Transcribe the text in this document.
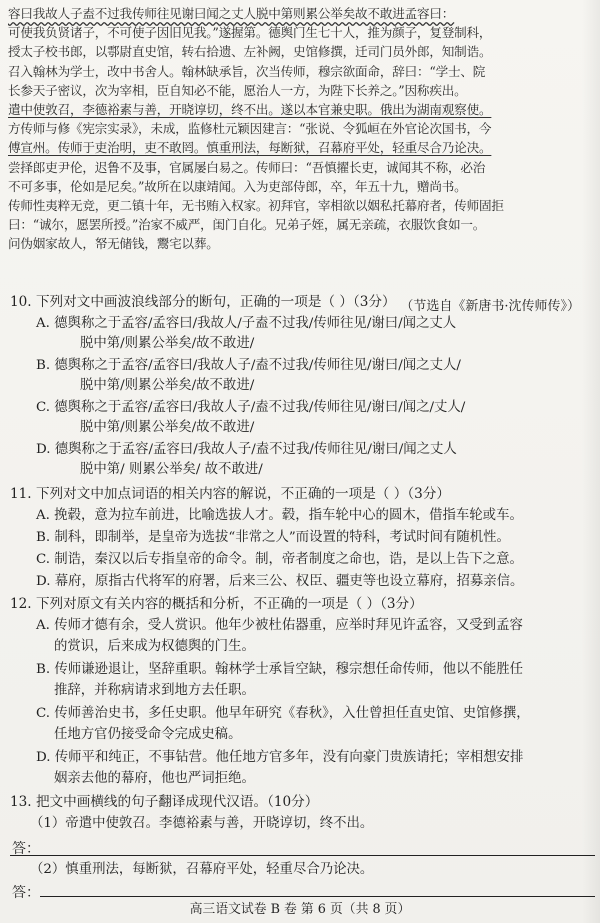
容曰我故人子盍不过我传师往见谢曰闻之丈人脱中第则累公举矣故不敢进孟容曰：

可使我负贤诸子，不可使子因旧见我。”遂握第。德舆门生七十人，推为颜子，复登制科，

授太子校书郎，以鄠尉直史馆，转右拾遗、左补阙，史馆修撰，迁司门员外郎，知制诰。

召入翰林为学士，改中书舍人。翰林缺承旨，次当传师，穆宗欲面命，辞曰：“学士、院

长参天子密议，次为宰相，臣自知必不能，愿治人一方，为陛下长养之。”因称疾出。

遣中使敦召，李德裕素与善，开晓谆切，终不出。遂以本官兼史职。俄出为湖南观察使。

方传师与修《宪宗实录》，未成，监修杜元颖因建言：“张说、令狐峘在外官论次国书，今

傅宣州。传师于吏治明，吏不敢罔。慎重刑法，每断狱，召幕府平处，轻重尽合乃论决。

尝择郎吏尹伦，迟鲁不及事，官属屡白易之。传师曰：“吾慎擢长吏，诚闻其不称，必治

不可多事，伦如是尼矣。”故所在以康靖闻。入为吏部侍郎，卒，年五十九，赠尚书。

传师性夷粹无竞，更二镇十年，无书贿入权家。初拜官，宰相欲以姻私托幕府者，传师固拒

曰：“诚尔，愿罢所授。”治家不威严，闺门自化。兄弟子姪，属无亲疏，衣服饮食如一。

问伪姻家故人，帑无储钱，鬻宅以葬。

（节选自《新唐书·沈传师传》）
10. 下列对文中画波浪线部分的断句，正确的一项是（ ）（3分）
A. 德舆称之于孟容/孟容曰/我故人/子盍不过我/传师往见/谢曰/闻之丈人
脱中第/则累公举矣/故不敢进/
B. 德舆称之于孟容/孟容曰/我故人子/盍不过我/传师往见/谢曰/闻之丈人/
脱中第/则累公举矣/故不敢进/
C. 德舆称之于孟容/孟容曰/我故人子/盍不过我/传师往见/谢曰/闻之/丈人/
脱中第/则累公举矣/故不敢进/
D. 德舆称之于孟容/孟容曰/我故人子/盍不过我/传师往见/谢曰/闻之丈人
脱中第/ 则累公举矣/ 故不敢进/
11. 下列对文中加点词语的相关内容的解说，不正确的一项是（ ）（3分）
A. 挽毂，意为拉车前进，比喻选拔人才。毂，指车轮中心的圆木，借指车轮或车。
B. 制科，即制举，是皇帝为选拔“非常之人”而设置的特科，考试时间有随机性。
C. 制诰，秦汉以后专指皇帝的命令。制，帝者制度之命也，诰，是以上告下之意。
D. 幕府，原指古代将军的府署，后来三公、权臣、疆吏等也设立幕府，招募亲信。
12. 下列对原文有关内容的概括和分析，不正确的一项是（ ）（3分）
A. 传师才德有余，受人赏识。他年少被杜佑器重，应举时拜见许孟容，又受到孟容
的赏识，后来成为权德舆的门生。
B. 传师谦逊退让，坚辞重职。翰林学士承旨空缺，穆宗想任命传师，他以不能胜任
推辞，并称病请求到地方去任职。
C. 传师善治史书，多任史职。他早年研究《春秋》，入仕曾担任直史馆、史馆修撰，
任地方官仍接受命令完成史稿。
D. 传师平和纯正，不事钻营。他任地方官多年，没有向豪门贵族请托；宰相想安排
姻亲去他的幕府，他也严词拒绝。
13. 把文中画横线的句子翻译成现代汉语。（10分）
（1）帝遣中使敦召。李德裕素与善，开晓谆切，终不出。
答：
（2）慎重刑法，每断狱，召幕府平处，轻重尽合乃论决。
答：
高三语文试卷 B 卷 第 6 页（共 8 页）
